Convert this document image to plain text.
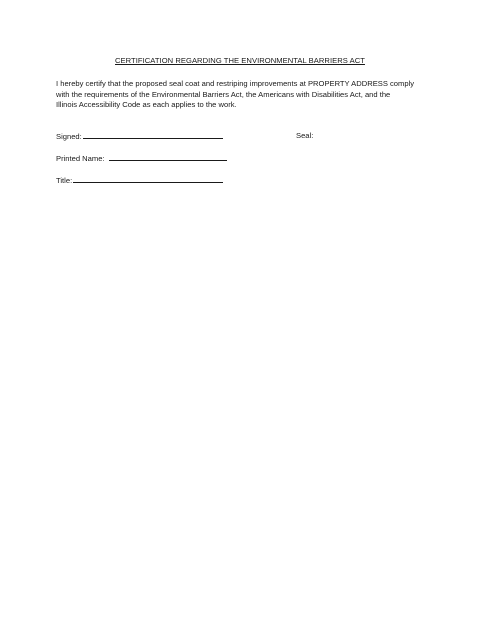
CERTIFICATION REGARDING THE ENVIRONMENTAL BARRIERS ACT
I hereby certify that the proposed seal coat and restriping improvements at PROPERTY ADDRESS comply
with the requirements of the Environmental Barriers Act, the Americans with Disabilities Act, and the
Illinois Accessibility Code as each applies to the work.
Signed:	Seal:
Printed Name:
Title:
